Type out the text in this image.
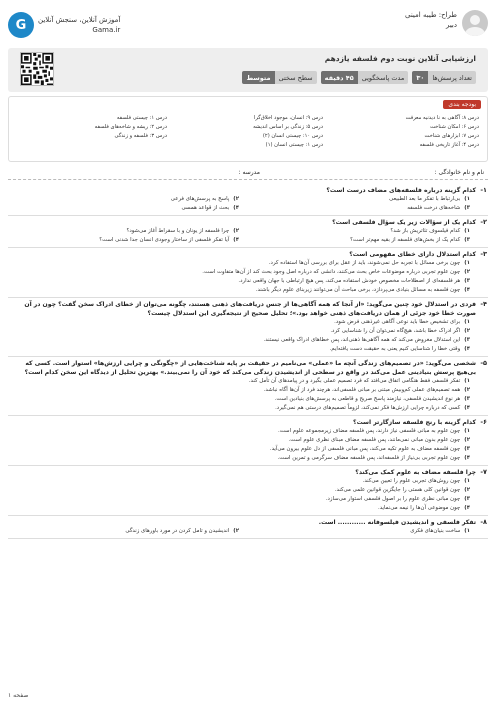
طراح: طیبه امینی
دبیر
آموزش آنلاین، سنجش آنلاین
Gama.ir
G
ارزشیابی آنلاین نوبت دوم فلسفه یازدهم
تعداد پرسش‌ها
۳۰
مدت پاسخگویی
۴۵ دقیقه
سطح سختی
متوسط
بودجه بندی
درس ۸: آگاهی به نا دیدنیه معرفت
درس ۹: انسان، موجود اخلاق‌گرا
درس ۱: چیستی فلسفه
درس ۶: امکان شناخت
درس ۵: زندگی بر اساس اندیشه
درس ۲: ریشه و شاخه‌های فلسفه
درس ۷: ابزارهای شناخت
درس ۱۰: چیستی انسان (۲)
درس ۳: فلسفه و زندگی
درس ۴: آغاز تاریخی فلسفه
درس ۱: چیستی انسان (۱)
نام و نام خانوادگی :
مدرسه :
۱-
کدام گزینه درباره فلسفه‌های مضاف درست است؟
۱)
بی‌ارتباط با تفکر ما بعد الطبیعی
۲)
پاسخ به پرسش‌های فرعی
۳)
شاخه‌های درخت فلسفه
۴)
بحث از قواعد همسی
۲-
کدام یک از سؤالات زیر یک سؤال فلسفی است؟
۱)
کدام فیلسوف تئاتریش باز شد؟
۲)
چرا فلسفه از یونان و با سقراط آغاز می‌شود؟
۳)
کدام یک از بخش‌های فلسفه از بقیه مهم‌تر است؟
۴)
آیا تفکر فلسفی از ساختار وجودی انسان جدا شدنی است؟
۳-
کدام استدلال دارای خطای مفهومی است؟
۱)
چون برخی مسائل با تجربه حل نمی‌شوند، باید از عقل برای بررسی آن‌ها استفاده کرد.
۲)
چون علوم تجربی درباره موضوعات خاص بحث می‌کنند، دانشی که درباره اصل وجود بحث کند از آن‌ها متفاوت است.
۳)
هر فلسفه‌ای از اصطلاحات مخصوص خودش استفاده می‌کند، پس هیچ ارتباطی با جهان واقعی ندارد.
۴)
چون فلسفه به مسائل بنیادی می‌پردازد، برخی مباحث آن می‌توانند زیربنای علوم دیگر باشند.
۴-
فردی در استدلال خود چنین می‌گوید: «از آنجا که همه آگاهی‌ها از جنس دریافت‌های ذهنی هستند، چگونه می‌توان از خطای ادراک سخن گفت؟ چون در آن صورت خطا خود جزئی از همان دریافت‌های ذهنی خواهد بود.»؛ تحلیل صحیح از نتیجه‌گیری این استدلال چیست؟
۱)
برای تشخیص خطا باید نوعی آگاهی غیرذهنی فرض شود.
۲)
اگر ادراک خطا باشد، هیچ‌گاه نمی‌توان آن را شناسایی کرد.
۳)
این استدلال مغروض می‌کند که همه آگاهی‌ها ذهنی‌اند، پس خطاهای ادراک واقعی نیستند.
۴)
وقتی خطا را شناسایی کنیم یعنی به حقیقت دست یافته‌ایم.
۵-
شخصی می‌گوید: «در تصمیم‌های زندگی آنچه ما «عملی» می‌نامیم در حقیقت بر پایه شناخت‌هایی از «چگونگی و چرایی ارزش‌ها» استوار است. کسی که بی‌هیچ پرسش بنیادینی عمل می‌کند در واقع در سطحی از اندیشیدن زندگی می‌کند که خود آن را نمی‌بیند.» بهترین تحلیل از دیدگاه این سخن کدام است؟
۱)
تفکر فلسفی فقط هنگامی اتفاق می‌افتد که فرد تصمیم عملی بگیرد و در پیامدهای آن تأمل کند.
۲)
همه تصمیم‌های عملی کم‌وبیش مبتنی بر مبانی فلسفی‌اند، هرچند فرد از آن‌ها آگاه نباشد.
۳)
هر نوع اندیشیدن فلسفی، نیازمند پاسخ صریح و قاطعی به پرسش‌های بنیادین است.
۴)
کسی که درباره چرایی ارزش‌ها فکر نمی‌کند، لزوماً تصمیم‌های درستی هم نمی‌گیرد.
۶-
کدام گزینه با رنج فلسفه سازگارتر است؟
۱)
چون علوم به مبانی فلسفی نیاز دارند، پس فلسفه مضاف زیرمجموعه علوم است.
۲)
چون علوم بدون مبانی نمی‌مانند، پس فلسفه مضاف مبنای نظری علوم است.
۳)
چون فلسفه مضاف به علوم تکیه می‌کند، پس مبانی فلسفی از دل علوم بیرون می‌آید.
۴)
چون علوم تجربی بی‌نیاز از فلسفه‌اند، پس فلسفه مضاف سرگرمی و تمرین است.
۷-
چرا فلسفه مضاف به علوم کمک می‌کند؟
۱)
چون روش‌های تجربی علوم را تعیین می‌کند.
۲)
چون قوانین کلی هستی را جایگزین قوانین علمی می‌کند.
۳)
چون مبانی نظری علوم را بر اصول فلسفی استوار می‌سازد.
۴)
چون موضوعی آن‌ها را نیمه می‌نماید.
۸-
تفکر فلسفی و اندیشیدن فیلسوفانه ............ است.
۱)
ساخت بنیان‌های فکری
۲)
اندیشیدن و تامل کردن در مورد باورهای زندگی
صفحه ۱
